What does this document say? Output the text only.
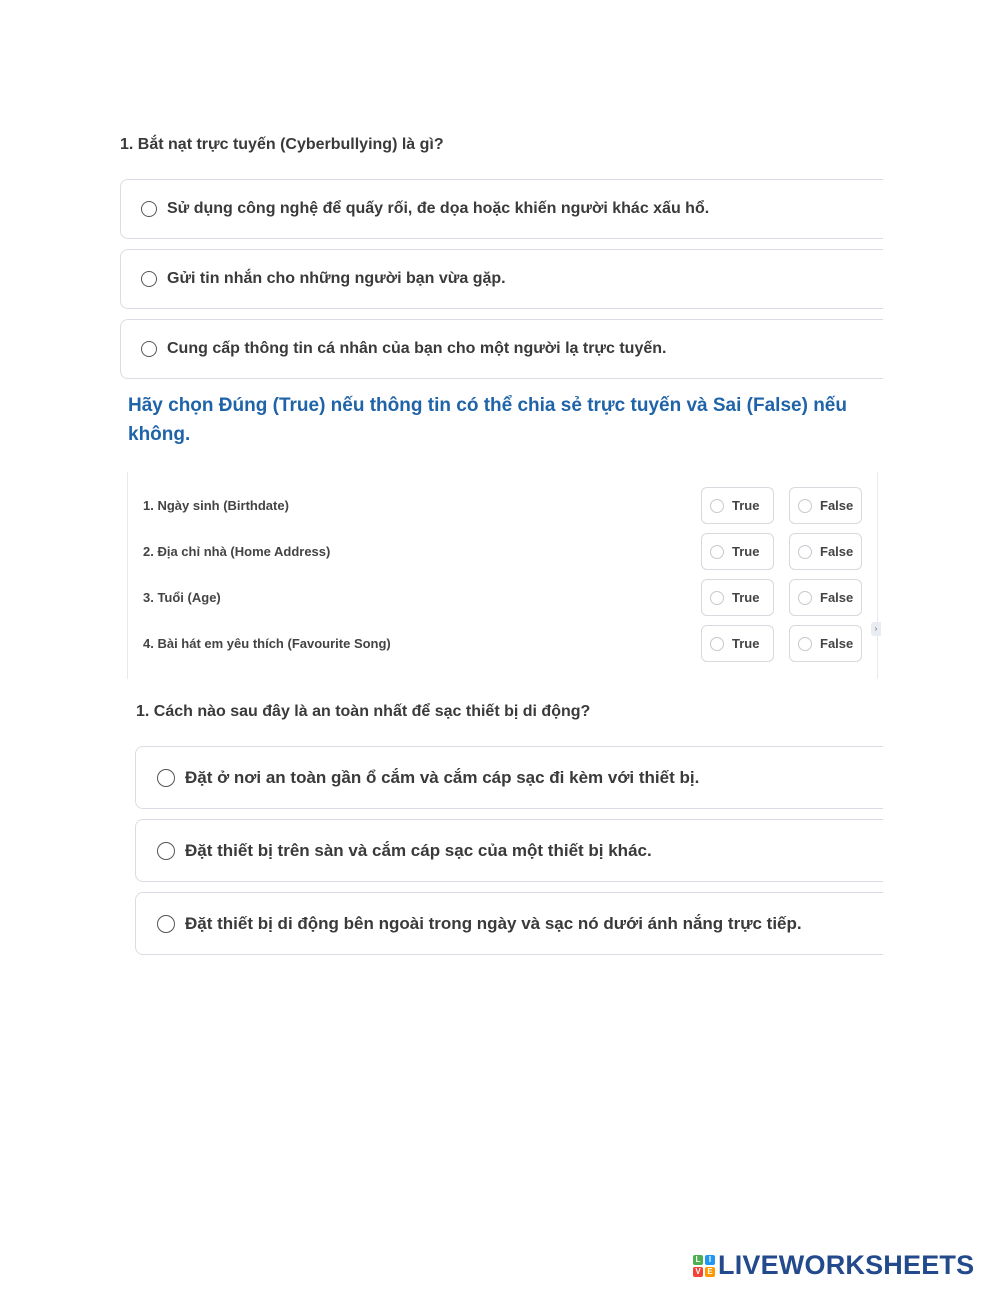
1. Bắt nạt trực tuyến (Cyberbullying) là gì?
Sử dụng công nghệ để quấy rối, đe dọa hoặc khiến người khác xấu hổ.
Gửi tin nhắn cho những người bạn vừa gặp.
Cung cấp thông tin cá nhân của bạn cho một người lạ trực tuyến.
Hãy chọn Đúng (True) nếu thông tin có thể chia sẻ trực tuyến và Sai (False) nếu không.
1. Ngày sinh (Birthdate)	True	False
2. Địa chỉ nhà (Home Address)	True	False
3. Tuổi (Age)	True	False
4. Bài hát em yêu thích (Favourite Song)	True	False
›
1. Cách nào sau đây là an toàn nhất để sạc thiết bị di động?
Đặt ở nơi an toàn gần ổ cắm và cắm cáp sạc đi kèm với thiết bị.
Đặt thiết bị trên sàn và cắm cáp sạc của một thiết bị khác.
Đặt thiết bị di động bên ngoài trong ngày và sạc nó dưới ánh nắng trực tiếp.
L	I
V E LIVEWORKSHEETS
